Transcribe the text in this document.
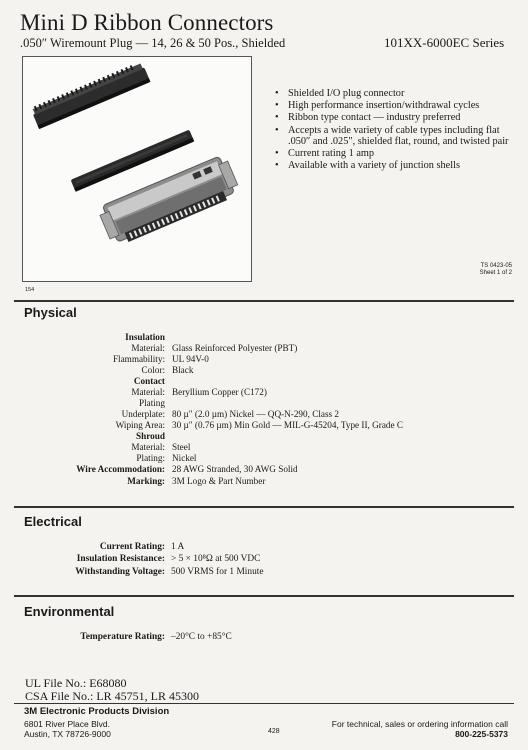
Mini D Ribbon Connectors
.050″ Wiremount Plug — 14, 26 & 50 Pos., Shielded	101XX-6000EC Series
154
• Shielded I/O plug connector
• High performance insertion/withdrawal cycles
• Ribbon type contact — industry preferred
• Accepts a wide variety of cable types including flat .050″ and .025″, shielded flat, round, and twisted pair
• Current rating 1 amp
• Available with a variety of junction shells
TS 0423-05
Sheet 1 of 2
Physical
Insulation
Material: Glass Reinforced Polyester (PBT)
Flammability: UL 94V-0
Color: Black
Contact
Material: Beryllium Copper (C172)
Plating
Underplate: 80 µ″ (2.0 µm) Nickel — QQ-N-290, Class 2
Wiping Area: 30 µ″ (0.76 µm) Min Gold — MIL-G-45204, Type II, Grade C
Shroud
Material: Steel
Plating: Nickel
Wire Accommodation: 28 AWG Stranded, 30 AWG Solid
Marking: 3M Logo & Part Number
Electrical
Current Rating: 1 A
Insulation Resistance: > 5 × 10⁸Ω at 500 VDC
Withstanding Voltage: 500 VRMS for 1 Minute
Environmental
Temperature Rating: –20°C to +85°C
UL File No.: E68080
CSA File No.: LR 45751, LR 45300
3M Electronic Products Division
6801 River Place Blvd.
Austin, TX 78726-9000	428
For technical, sales or ordering information call
800-225-5373
